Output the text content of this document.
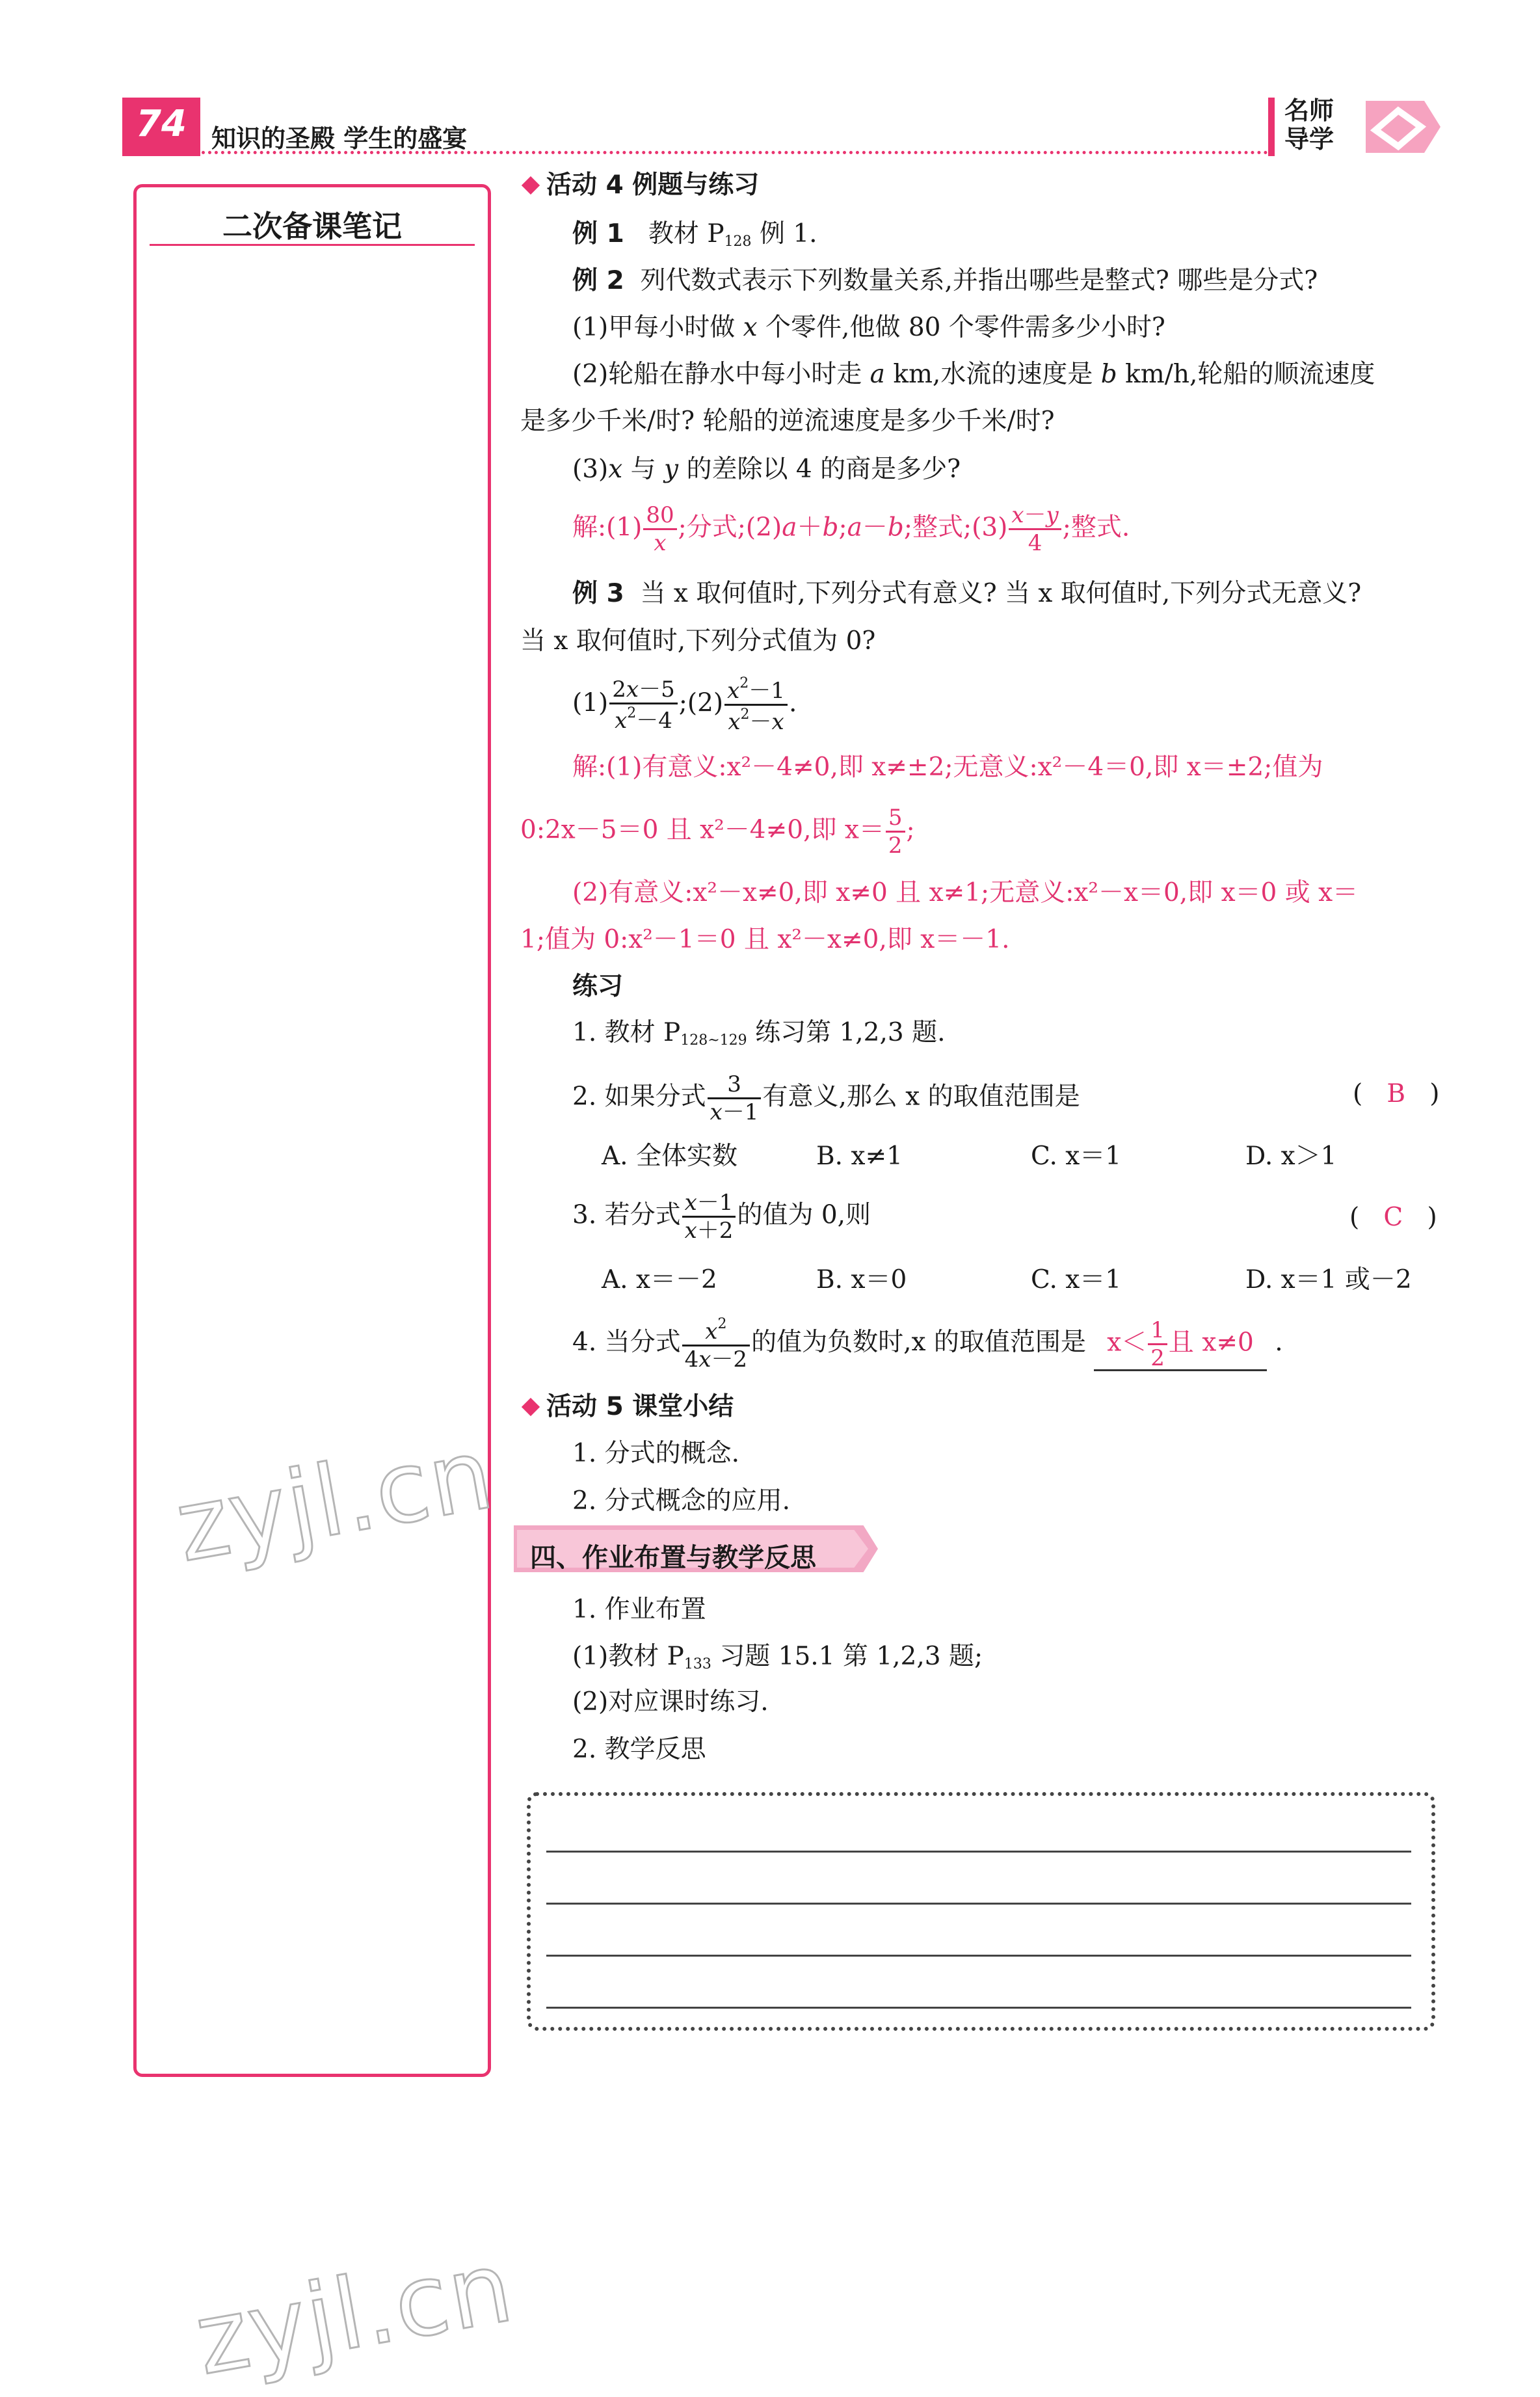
74	知识的圣殿 学生的盛宴
名师导学
二次备课笔记
zyjl.cn
zyjl.cn
活动 4 例题与练习
例 1 教材 $P_{128}$ 例 1.
例 2 列代数式表示下列数量关系,并指出哪些是整式? 哪些是分式?
(1)甲每小时做 x 个零件,他做 80 个零件需多少小时?
(2)轮船在静水中每小时走 a km,水流的速度是 b km/h,轮船的顺流速度
是多少千米/时? 轮船的逆流速度是多少千米/时?
(3)x 与 y 的差除以 4 的商是多少?
解:(1) $\frac{80}{x}$ ;分式;(2)a＋b;a－b;整式;(3) $\frac{x-y}{4}$ ;整式.
例 3 当 x 取何值时,下列分式有意义? 当 x 取何值时,下列分式无意义?
当 x 取何值时,下列分式值为 0?
$(1) \frac{2x-5}{x^2-4}$ ;(2) $\frac{x^2-1}{x^2-x}$ .
解:(1)有意义:x²－4≠0,即 x≠±2;无意义:x²－4＝0,即 x＝±2;值为
0:2x－5＝0 且 x²－4≠0,即 $x= \frac{5}{2}$ ;
(2)有意义:x²－x≠0,即 x≠0 且 x≠1;无意义:x²－x＝0,即 x＝0 或 x＝
1;值为 0:x²－1＝0 且 x²－x≠0,即 x＝－1.
练习
1. 教材 $P_{128\sim 129}$ 练习第 1,2,3 题.
2. 如果分式 $\frac{3}{x-1}$ 有意义,那么 x 的取值范围是	(   B   )
A. 全体实数	B. x≠1	C. x＝1	D. x＞1
3. 若分式 $\frac{x-1}{x+2}$ 的值为 0,则	(   C   )
A. x＝－2	B. x＝0	C. x＝1	D. x＝1 或－2
4. 当分式 $\frac{x^2}{4x-2}$ 的值为负数时,x 的取值范围是 $x< \frac{1}{2}$ 且 x≠0 .
活动 5 课堂小结
1. 分式的概念.
2. 分式概念的应用.
四、作业布置与教学反思
1. 作业布置
(1)教材 $P_{133}$ 习题 15.1 第 1,2,3 题;
(2)对应课时练习.
2. 教学反思
